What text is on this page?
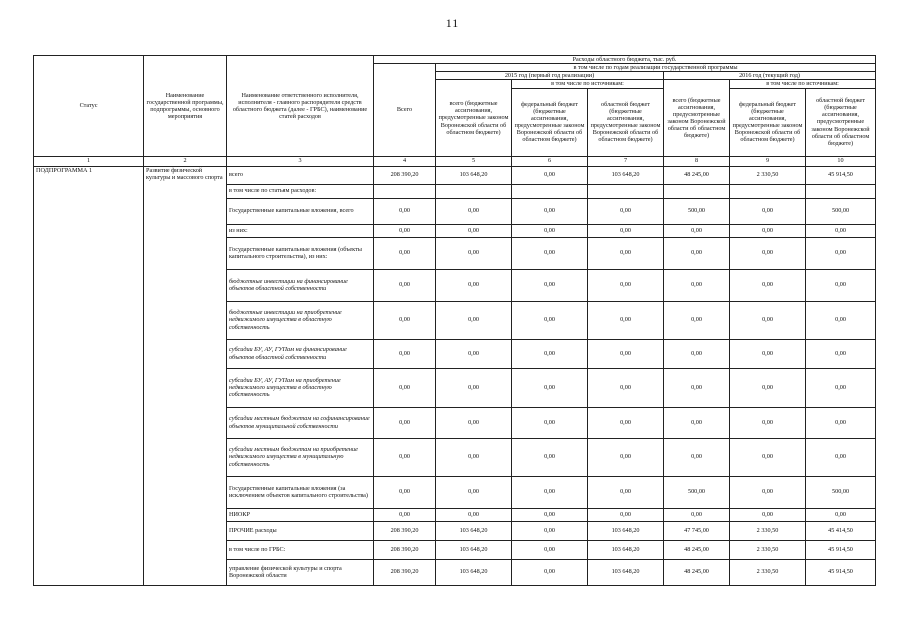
11
Статус	Наименование государственной программы, подпрограммы, основного мероприятия	Наименование ответственного исполнителя, исполнителя - главного распорядителя средств областного бюджета (далее - ГРБС), наименование статей расходов	Расходы областного бюджета, тыс. руб.						
			Всего	в том числе по годам реализации государственной программы					
				2015 год (первый год реализации)			2016 год (текущий год)		
				всего (бюджетные ассигнования, предусмотренные законом Воронежской области об областном бюджете)	в том числе по источникам:		всего (бюджетные ассигнования, предусмотренные законом Воронежской области об областном бюджете)	в том числе по источникам:	
					федеральный бюджет (бюджетные ассигнования, предусмотренные законом Воронежской области об областном бюджете)	областной бюджет (бюджетные ассигнования, предусмотренные законом Воронежской области об областном бюджете)		федеральный бюджет (бюджетные ассигнования, предусмотренные законом Воронежской области об областном бюджете)	областной бюджет (бюджетные ассигнования, предусмотренные законом Воронежской области об областном бюджете)
1	2	3	4	5	6	7	8	9	10
ПОДПРОГРАММА 1	Развитие физической культуры и массового спорта	всего	208 390,20	103 648,20	0,00	103 648,20	48 245,00	2 330,50	45 914,50
		в том числе по статьям расходов:							
		Государственные капитальные вложения, всего	0,00	0,00	0,00	0,00	500,00	0,00	500,00
		из них:	0,00	0,00	0,00	0,00	0,00	0,00	0,00
		Государственные капитальные вложения (объекты капитального строительства), из них:	0,00	0,00	0,00	0,00	0,00	0,00	0,00
		бюджетные инвестиции на финансирование объектов областной собственности	0,00	0,00	0,00	0,00	0,00	0,00	0,00
		бюджетные инвестиции на приобретение недвижимого имущества в областную собственность	0,00	0,00	0,00	0,00	0,00	0,00	0,00
		субсидии БУ, АУ, ГУПам на финансирование объектов областной собственности	0,00	0,00	0,00	0,00	0,00	0,00	0,00
		субсидии БУ, АУ, ГУПам на приобретение недвижимого имущества в областную собственность	0,00	0,00	0,00	0,00	0,00	0,00	0,00
		субсидии местным бюджетам на софинансирование объектов муниципальной собственности	0,00	0,00	0,00	0,00	0,00	0,00	0,00
		субсидии местным бюджетам на приобретение недвижимого имущества в муниципальную собственность	0,00	0,00	0,00	0,00	0,00	0,00	0,00
		Государственные капитальные вложения (за исключением объектов капитального строительства)	0,00	0,00	0,00	0,00	500,00	0,00	500,00
		НИОКР	0,00	0,00	0,00	0,00	0,00	0,00	0,00
		ПРОЧИЕ расходы	208 390,20	103 648,20	0,00	103 648,20	47 745,00	2 330,50	45 414,50
		в том числе по ГРБС:	208 390,20	103 648,20	0,00	103 648,20	48 245,00	2 330,50	45 914,50
		управление физической культуры и спорта Воронежской области	208 390,20	103 648,20	0,00	103 648,20	48 245,00	2 330,50	45 914,50
